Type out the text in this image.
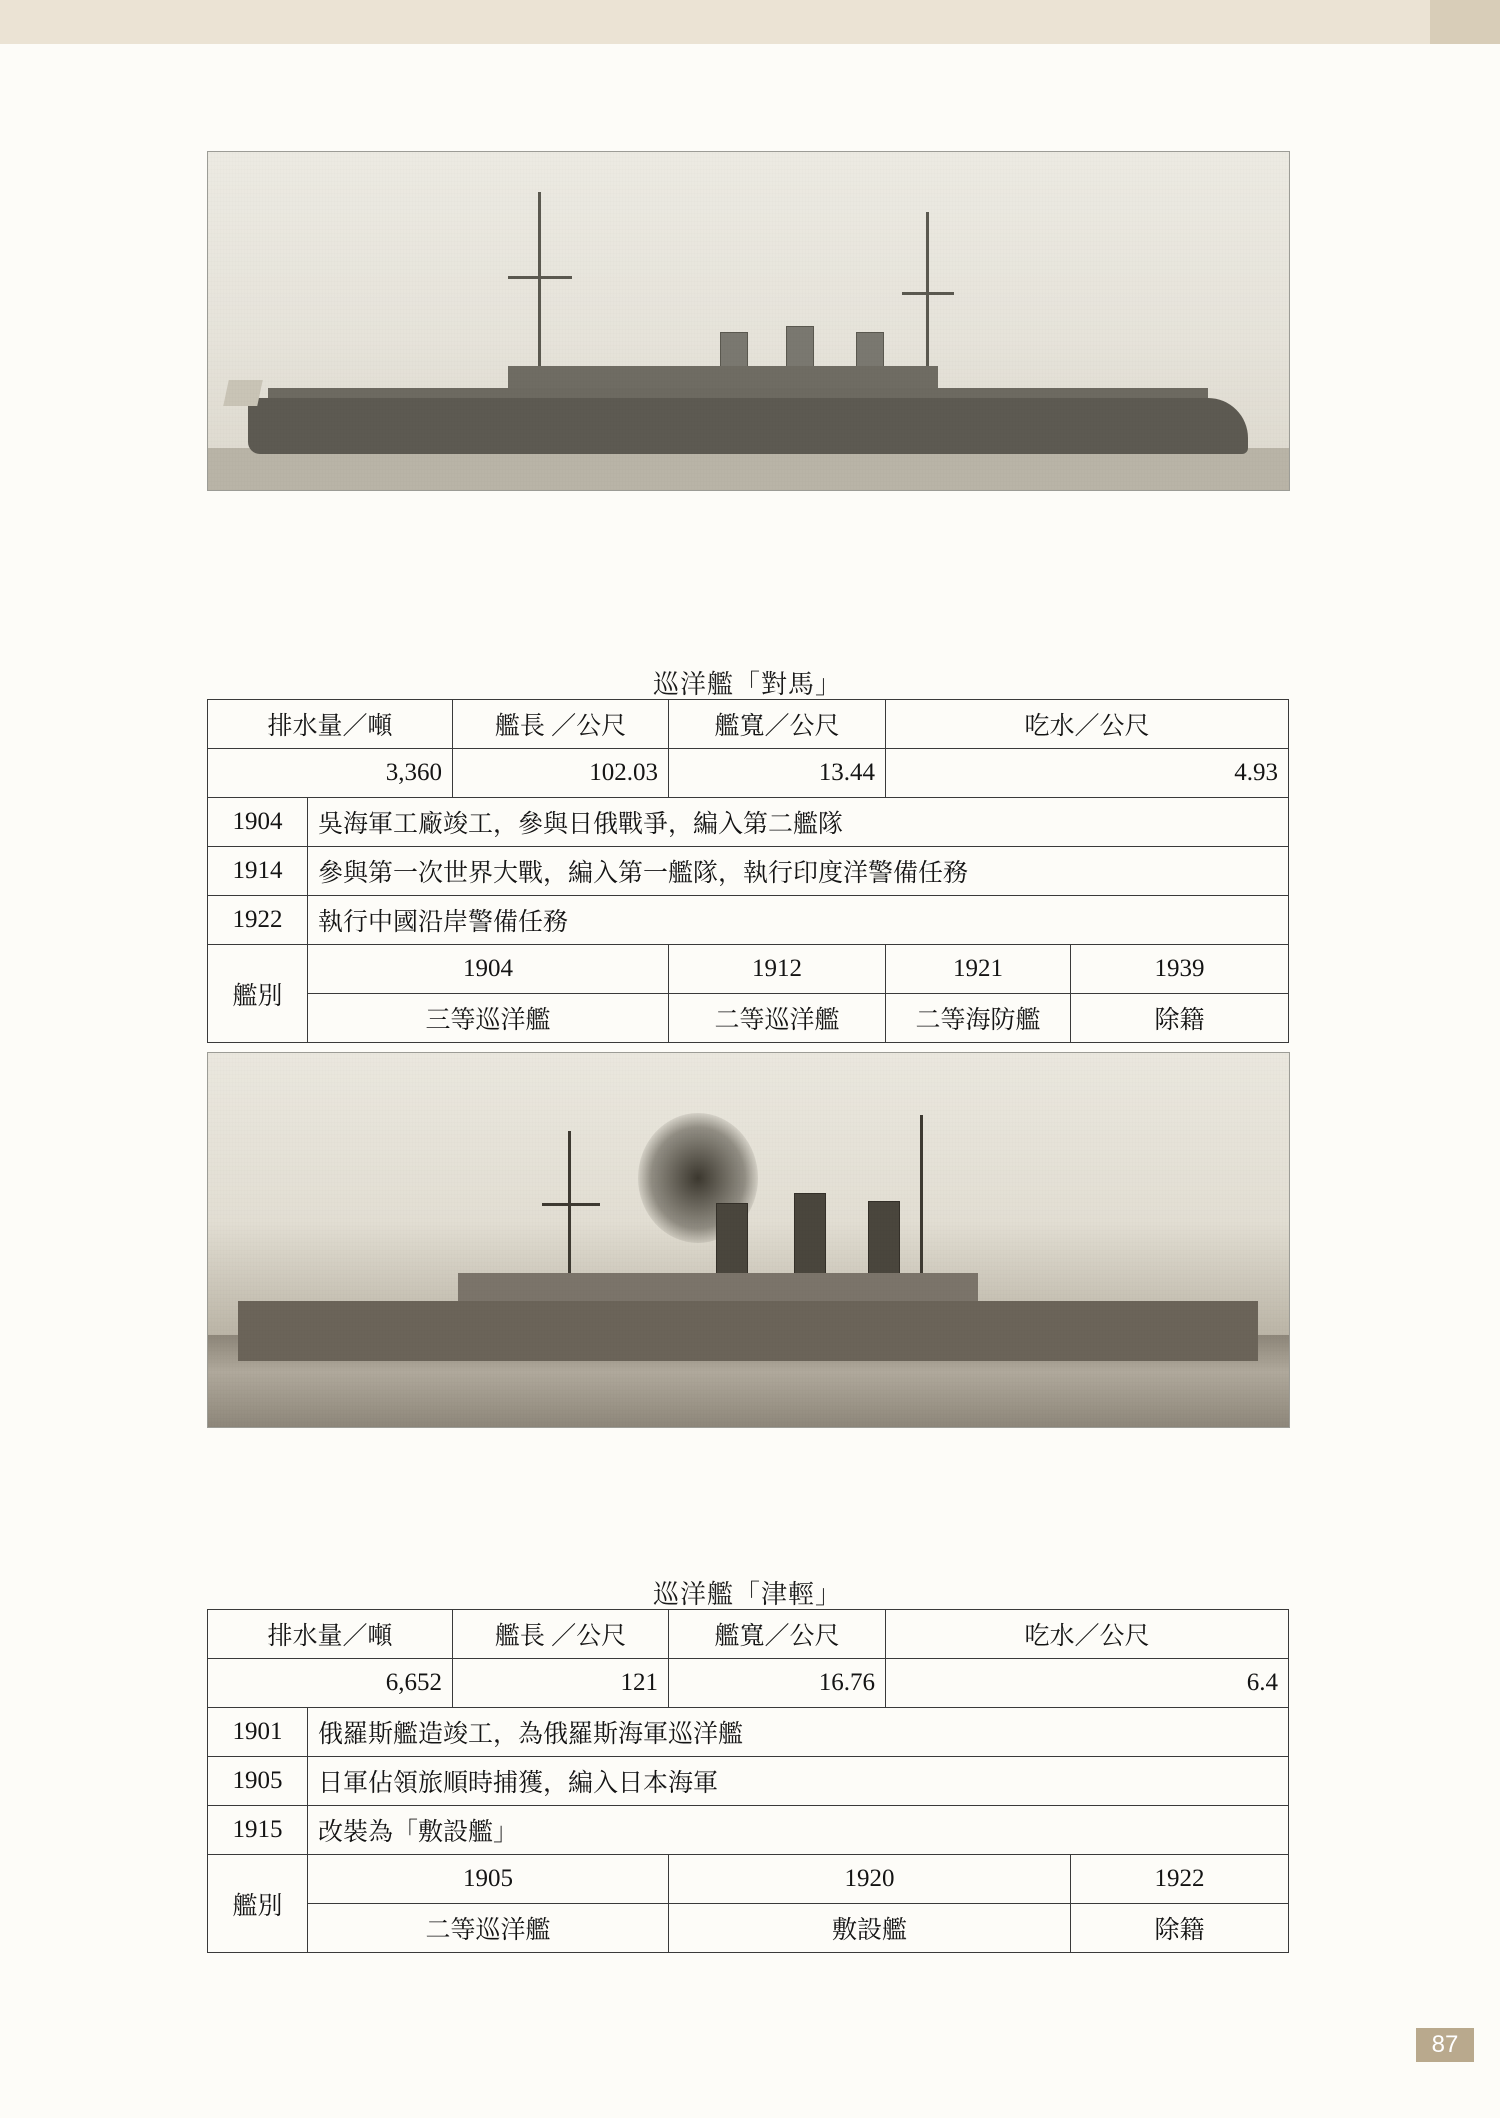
巡洋艦「對馬」
排水量／噸		艦長 ／公尺	艦寬／公尺	吃水／公尺	
3,360		102.03	13.44	4.93	
1904	吳海軍工廠竣工，參與日俄戰爭，編入第二艦隊				
1914	參與第一次世界大戰，編入第一艦隊，執行印度洋警備任務				
1922	執行中國沿岸警備任務				
艦別	1904		1912	1921	1939
	三等巡洋艦		二等巡洋艦	二等海防艦	除籍
巡洋艦「津輕」
排水量／噸		艦長 ／公尺	艦寬／公尺	吃水／公尺	
6,652		121	16.76	6.4	
1901	俄羅斯艦造竣工，為俄羅斯海軍巡洋艦				
1905	日軍佔領旅順時捕獲，編入日本海軍				
1915	改裝為「敷設艦」				
艦別	1905		1920		1922
	二等巡洋艦		敷設艦		除籍
87
